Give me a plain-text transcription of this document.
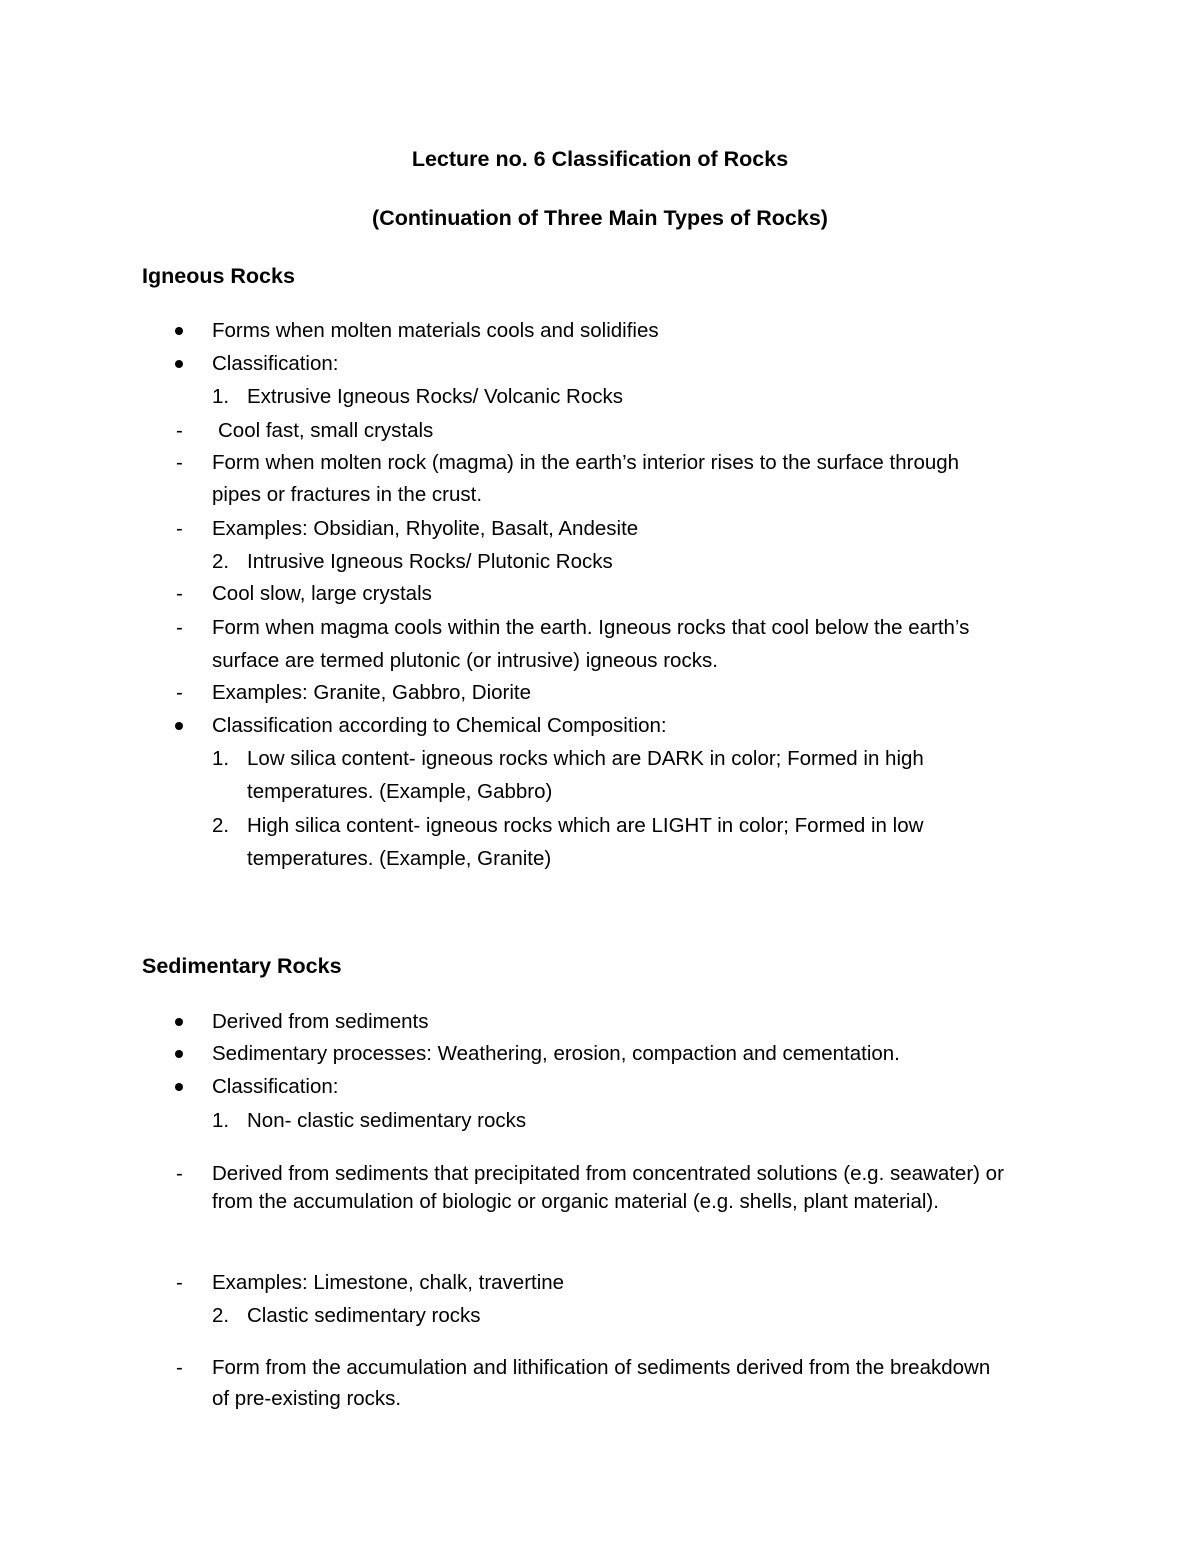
Lecture no. 6 Classification of Rocks
(Continuation of Three Main Types of Rocks)
Igneous Rocks
Forms when molten materials cools and solidifies
Classification:
1. Extrusive Igneous Rocks/ Volcanic Rocks
- Cool fast, small crystals
- Form when molten rock (magma) in the earth’s interior rises to the surface through
pipes or fractures in the crust.
- Examples: Obsidian, Rhyolite, Basalt, Andesite
2. Intrusive Igneous Rocks/ Plutonic Rocks
- Cool slow, large crystals
- Form when magma cools within the earth. Igneous rocks that cool below the earth’s
surface are termed plutonic (or intrusive) igneous rocks.
- Examples: Granite, Gabbro, Diorite
Classification according to Chemical Composition:
1. Low silica content- igneous rocks which are DARK in color; Formed in high
temperatures. (Example, Gabbro)
2. High silica content- igneous rocks which are LIGHT in color; Formed in low
temperatures. (Example, Granite)
Sedimentary Rocks
Derived from sediments
Sedimentary processes: Weathering, erosion, compaction and cementation.
Classification:
1. Non- clastic sedimentary rocks
- Derived from sediments that precipitated from concentrated solutions (e.g. seawater) or
from the accumulation of biologic or organic material (e.g. shells, plant material).
- Examples: Limestone, chalk, travertine
2. Clastic sedimentary rocks
- Form from the accumulation and lithification of sediments derived from the breakdown
of pre-existing rocks.
